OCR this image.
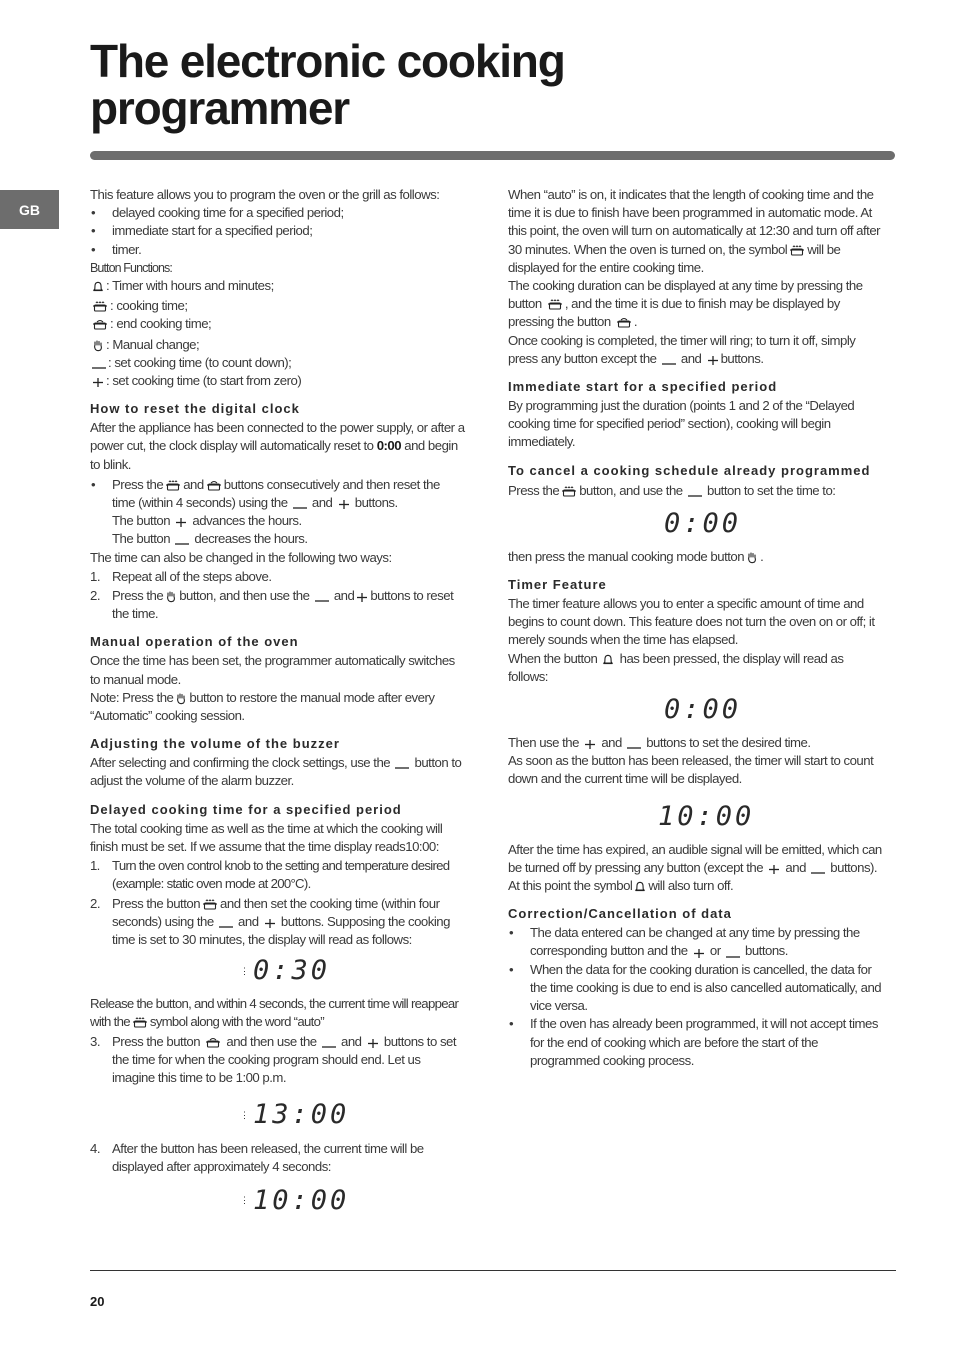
The electronic cooking
programmer
GB

This feature allows you to program the oven or the grill as follows:

• delayed cooking time for a specified period;

• immediate start for a specified period;

• timer.

Button Functions:

: Timer with hours and minutes;
: cooking time;
: end cooking time;
: Manual change;
: set cooking time (to count down);
: set cooking time (to start from zero)
How to reset the digital clock

After the appliance has been connected to the power supply, or after a power cut, the clock display will automatically reset to 0:00 and begin to blink.

• Press the and buttons consecutively and then reset the time (within 4 seconds) using the and buttons.

The button advances the hours.

The button decreases the hours.

The time can also be changed in the following two ways:

1. Repeat all of the steps above.

2. Press the button, and then use the and buttons to reset the time.

Manual operation of the oven

Once the time has been set, the programmer automatically switches to manual mode.

Note: Press the button to restore the manual mode after every “Automatic” cooking session.

Adjusting the volume of the buzzer

After selecting and confirming the clock settings, use the button to adjust the volume of the alarm buzzer.

Delayed cooking time for a specified period

The total cooking time as well as the time at which the cooking will finish must be set. If we assume that the time display reads10:00:

1. Turn the oven control knob to the setting and temperature desired (example: static oven mode at 200°C).

2. Press the button and then set the cooking time (within four seconds) using the and buttons. Supposing the cooking time is set to 30 minutes, the display will read as follows:

⋮ 0:30

Release the button, and within 4 seconds, the current time will reappear with the symbol along with the word “auto”

3. Press the button and then use the and buttons to set the time for when the cooking program should end. Let us imagine this time to be 1:00 p.m.

⋮ 13:00

4. After the button has been released, the current time will be displayed after approximately 4 seconds:

⋮ 10:00

When “auto” is on, it indicates that the length of cooking time and the time it is due to finish have been programmed in automatic mode. At this point, the oven will turn on automatically at 12:30 and turn off after 30 minutes. When the oven is turned on, the symbol will be displayed for the entire cooking time.

The cooking duration can be displayed at any time by pressing the button , and the time it is due to finish may be displayed by pressing the button .

Once cooking is completed, the timer will ring; to turn it off, simply press any button except the and buttons.

Immediate start for a specified period

By programming just the duration (points 1 and 2 of the “Delayed cooking time for specified period” section), cooking will begin immediately.

To cancel a cooking schedule already programmed

Press the button, and use the button to set the time to:

0:00

then press the manual cooking mode button .

Timer Feature

The timer feature allows you to enter a specific amount of time and begins to count down. This feature does not turn the oven on or off; it merely sounds when the time has elapsed.

When the button has been pressed, the display will read as follows:

0:00

Then use the and buttons to set the desired time.

As soon as the button has been released, the timer will start to count down and the current time will be displayed.

10:00

After the time has expired, an audible signal will be emitted, which can be turned off by pressing any button (except the and buttons). At this point the symbol will also turn off.

Correction/Cancellation of data

• The data entered can be changed at any time by pressing the corresponding button and the or buttons.

• When the data for the cooking duration is cancelled, the data for the time cooking is due to end is also cancelled automatically, and vice versa.

• If the oven has already been programmed, it will not accept times for the end of cooking which are before the start of the programmed cooking process.

20
